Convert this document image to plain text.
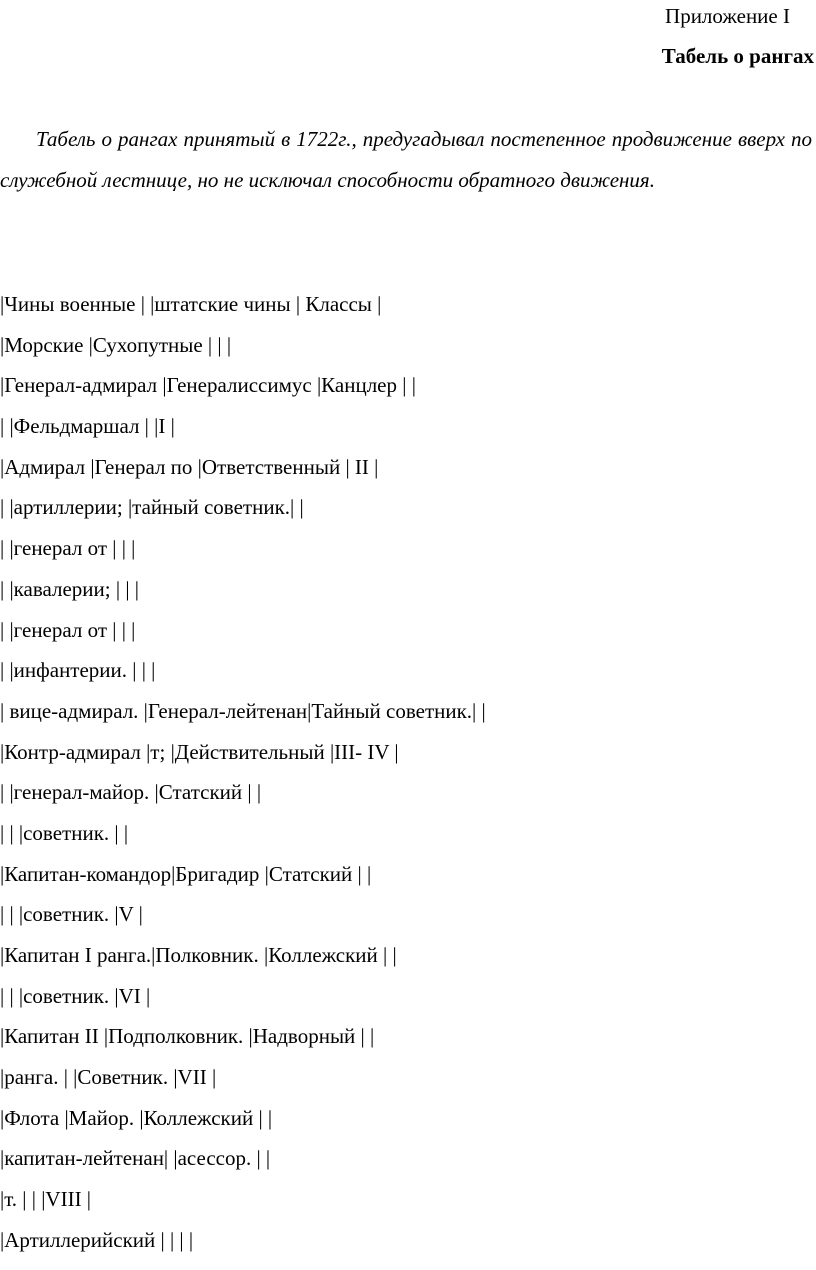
Приложение I
Табель о рангах

Табель о рангах принятый в 1722г., предугадывал постепенное продвижение вверх по служебной лестнице, но не исключал способности обратного движения.

|Чины военные | |штатские чины | Классы |
|Морские |Сухопутные | | |
|Генерал-адмирал |Генералиссимус |Канцлер | |
| |Фельдмаршал | |I |
|Адмирал |Генерал по |Ответственный | II |
| |артиллерии; |тайный советник.| |
| |генерал от | | |
| |кавалерии; | | |
| |генерал от | | |
| |инфантерии. | | |
| вице-адмирал. |Генерал-лейтенан|Тайный советник.| |
|Контр-адмирал |т; |Действительный |III- IV |
| |генерал-майор. |Статский | |
| | |советник. | |
|Капитан-командор|Бригадир |Статский | |
| | |советник. |V |
|Капитан I ранга.|Полковник. |Коллежский | |
| | |советник. |VI |
|Капитан II |Подполковник. |Надворный | |
|ранга. | |Советник. |VII |
|Флота |Майор. |Коллежский | |
|капитан-лейтенан| |асессор. | |
|т. | | |VIII |
|Артиллерийский | | | |
